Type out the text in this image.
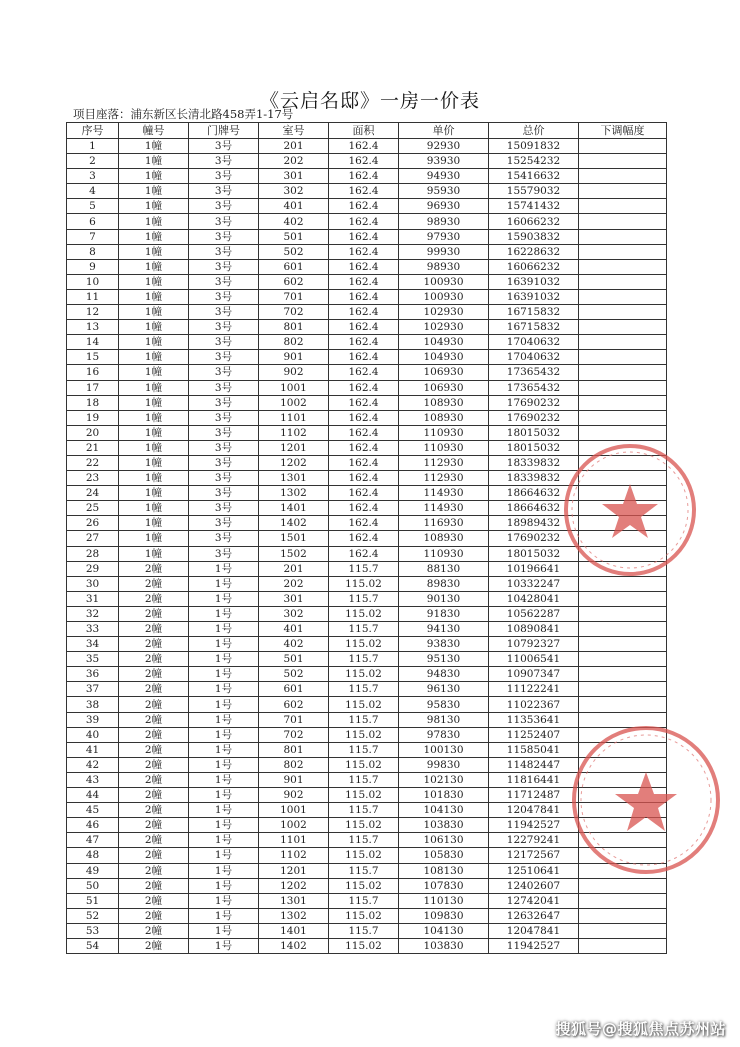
《云启名邸》一房一价表
项目座落：浦东新区长清北路458弄1-17号
序号	幢号	门牌号	室号	面积	单价	总价	下调幅度
1	1幢	3号	201	162.4	92930	15091832	
2	1幢	3号	202	162.4	93930	15254232	
3	1幢	3号	301	162.4	94930	15416632	
4	1幢	3号	302	162.4	95930	15579032	
5	1幢	3号	401	162.4	96930	15741432	
6	1幢	3号	402	162.4	98930	16066232	
7	1幢	3号	501	162.4	97930	15903832	
8	1幢	3号	502	162.4	99930	16228632	
9	1幢	3号	601	162.4	98930	16066232	
10	1幢	3号	602	162.4	100930	16391032	
11	1幢	3号	701	162.4	100930	16391032	
12	1幢	3号	702	162.4	102930	16715832	
13	1幢	3号	801	162.4	102930	16715832	
14	1幢	3号	802	162.4	104930	17040632	
15	1幢	3号	901	162.4	104930	17040632	
16	1幢	3号	902	162.4	106930	17365432	
17	1幢	3号	1001	162.4	106930	17365432	
18	1幢	3号	1002	162.4	108930	17690232	
19	1幢	3号	1101	162.4	108930	17690232	
20	1幢	3号	1102	162.4	110930	18015032	
21	1幢	3号	1201	162.4	110930	18015032	
22	1幢	3号	1202	162.4	112930	18339832	
23	1幢	3号	1301	162.4	112930	18339832	
24	1幢	3号	1302	162.4	114930	18664632	
25	1幢	3号	1401	162.4	114930	18664632	
26	1幢	3号	1402	162.4	116930	18989432	
27	1幢	3号	1501	162.4	108930	17690232	
28	1幢	3号	1502	162.4	110930	18015032	
29	2幢	1号	201	115.7	88130	10196641	
30	2幢	1号	202	115.02	89830	10332247	
31	2幢	1号	301	115.7	90130	10428041	
32	2幢	1号	302	115.02	91830	10562287	
33	2幢	1号	401	115.7	94130	10890841	
34	2幢	1号	402	115.02	93830	10792327	
35	2幢	1号	501	115.7	95130	11006541	
36	2幢	1号	502	115.02	94830	10907347	
37	2幢	1号	601	115.7	96130	11122241	
38	2幢	1号	602	115.02	95830	11022367	
39	2幢	1号	701	115.7	98130	11353641	
40	2幢	1号	702	115.02	97830	11252407	
41	2幢	1号	801	115.7	100130	11585041	
42	2幢	1号	802	115.02	99830	11482447	
43	2幢	1号	901	115.7	102130	11816441	
44	2幢	1号	902	115.02	101830	11712487	
45	2幢	1号	1001	115.7	104130	12047841	
46	2幢	1号	1002	115.02	103830	11942527	
47	2幢	1号	1101	115.7	106130	12279241	
48	2幢	1号	1102	115.02	105830	12172567	
49	2幢	1号	1201	115.7	108130	12510641	
50	2幢	1号	1202	115.02	107830	12402607	
51	2幢	1号	1301	115.7	110130	12742041	
52	2幢	1号	1302	115.02	109830	12632647	
53	2幢	1号	1401	115.7	104130	12047841	
54	2幢	1号	1402	115.02	103830	11942527	
搜狐号@搜狐焦点苏州站
